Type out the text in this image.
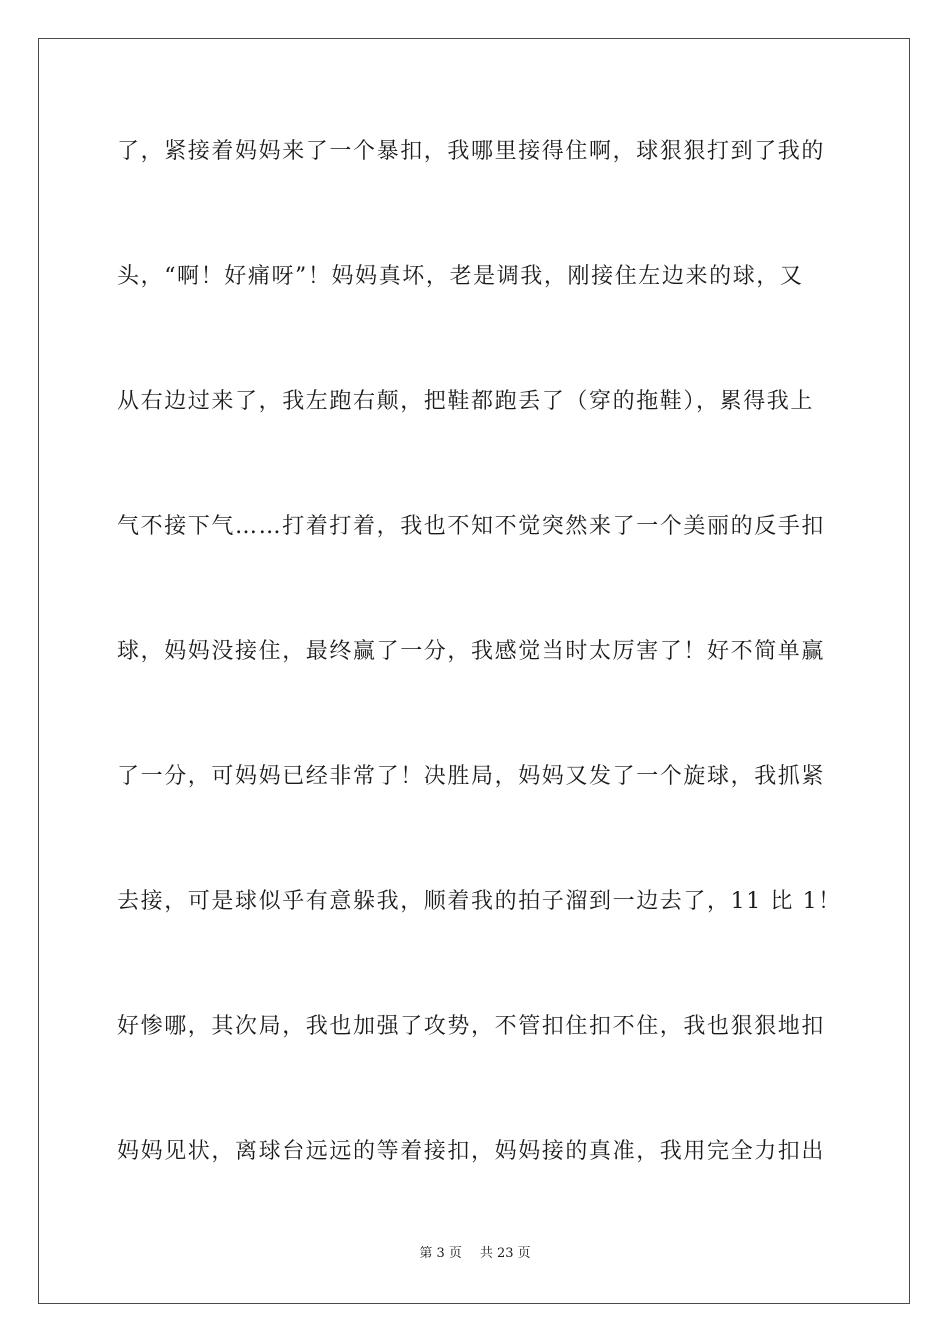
了，紧接着妈妈来了一个暴扣，我哪里接得住啊，球狠狠打到了我的
头，“啊！好痛呀”！妈妈真坏，老是调我，刚接住左边来的球，又
从右边过来了，我左跑右颠，把鞋都跑丢了（穿的拖鞋），累得我上
气不接下气……打着打着，我也不知不觉突然来了一个美丽的反手扣
球，妈妈没接住，最终赢了一分，我感觉当时太厉害了！好不简单赢
了一分，可妈妈已经非常了！决胜局，妈妈又发了一个旋球，我抓紧
去接，可是球似乎有意躲我，顺着我的拍子溜到一边去了，11 比 1！
好惨哪，其次局，我也加强了攻势，不管扣住扣不住，我也狠狠地扣
妈妈见状，离球台远远的等着接扣，妈妈接的真准，我用完全力扣出
第 3 页 共 23 页
